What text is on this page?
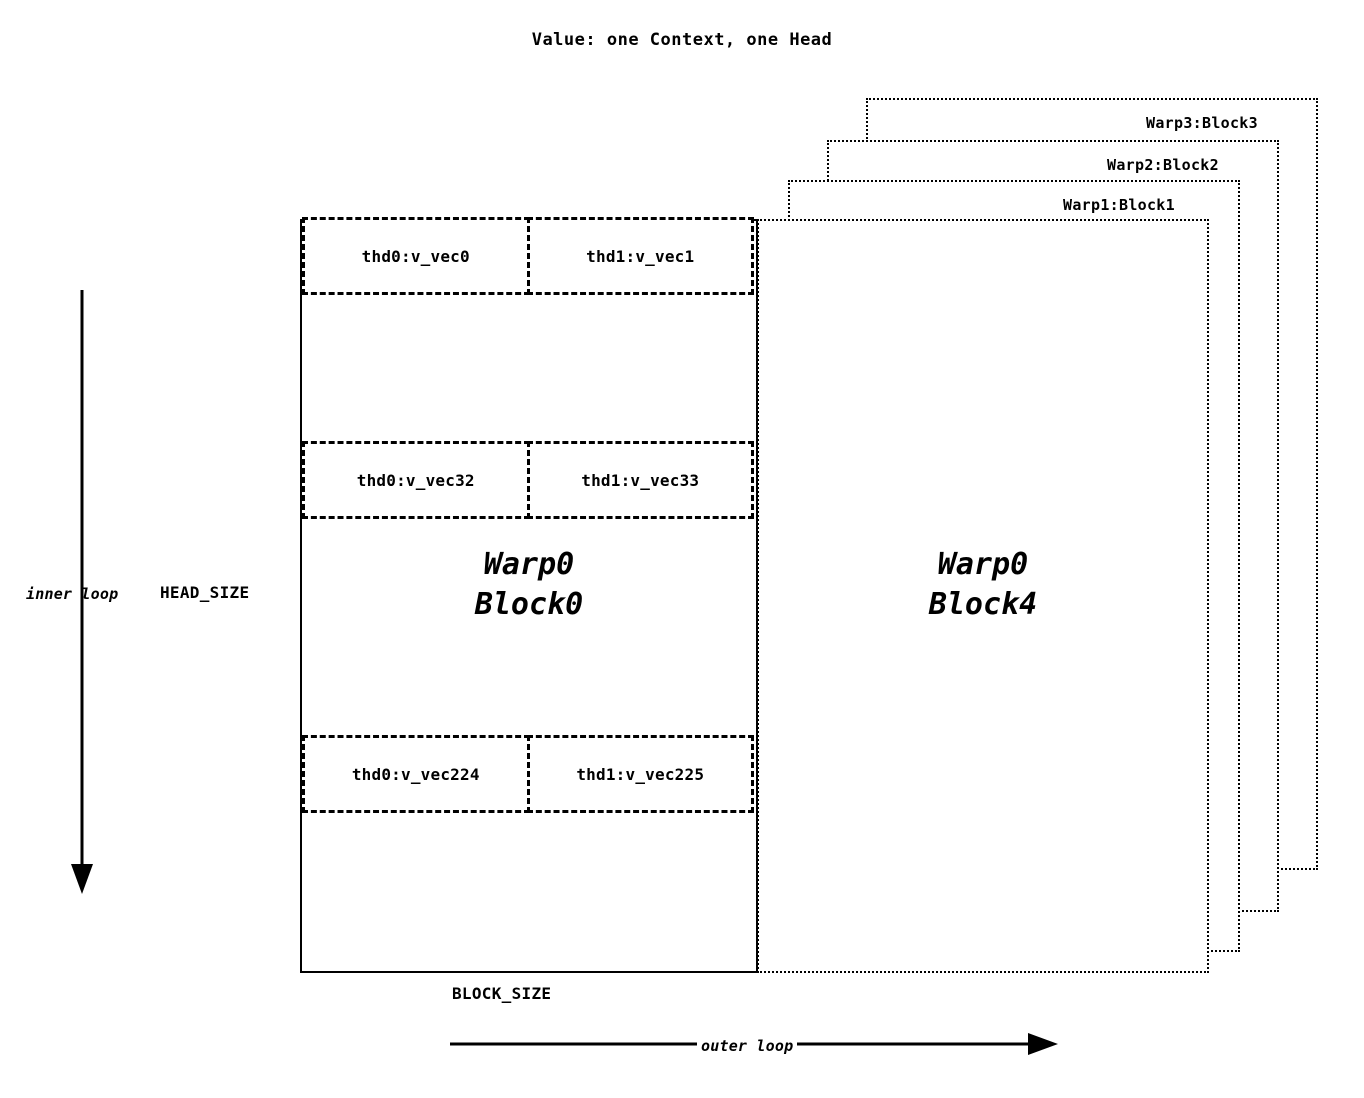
Value: one Context, one Head
Warp3:Block3
Warp2:Block2
Warp1:Block1
Warp0
Block4
Warp0
Block0
thd0:v_vec0	thd1:v_vec1
thd0:v_vec32	thd1:v_vec33
thd0:v_vec224	thd1:v_vec225
inner loop	HEAD_SIZE
outer loop
BLOCK_SIZE
